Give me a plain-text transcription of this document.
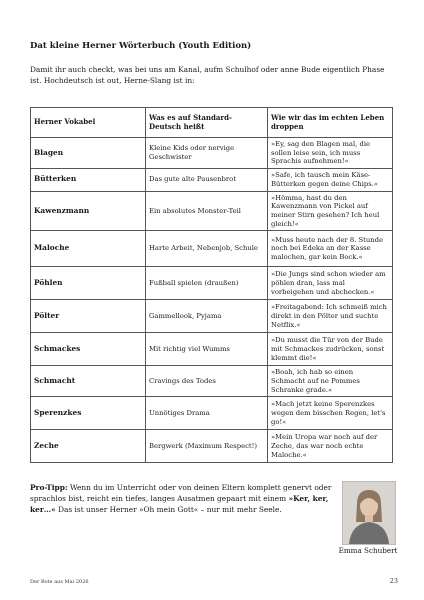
Dat kleine Herner Wörterbuch (Youth Edition)
Damit ihr auch checkt, was bei uns am Kanal, aufm Schulhof oder anne Bude eigentlich Phase ist. Hochdeutsch ist out, Herne-Slang ist in:
Herner Vokabel	Was es auf Standard-Deutsch heißt	Wie wir das im echten Leben droppen
Blagen	Kleine Kids oder nervige Geschwister	»Ey, sag den Blagen mal, die sollen leise sein, ich muss Sprachis aufnehmen!«
Bütterken	Das gute alte Pausenbrot	»Safe, ich tausch mein Käse-Bütterken gegen deine Chips.«
Kawenzmann	Ein absolutes Monster-Teil	»Hömma, hast du den Kawenzmann von Pickel auf meiner Stirn gesehen? Ich heul gleich!«
Maloche	Harte Arbeit, Nebenjob, Schule	»Muss heute nach der 8. Stunde noch bei Edeka an der Kasse malochen, gar kein Bock.«
Pöhlen	Fußball spielen (draußen)	»Die Jungs sind schon wieder am pöhlen dran, lass mal vorbeigehen und abchecken.«
Pölter	Gammellook, Pyjama	»Freitagabend: Ich schmeiß mich direkt in den Pölter und suchte Netflix.«
Schmackes	Mit richtig viel Wumms	»Du musst die Tür von der Bude mit Schmackes zudrücken, sonst klemmt die!«
Schmacht	Cravings des Todes	»Boah, ich hab so einen Schmacht auf ne Pommes Schranke grade.«
Sperenzkes	Unnötiges Drama	»Mach jetzt keine Sperenzkes wegen dem bisschen Regen, let's go!«
Zeche	Bergwerk (Maximum Respect!)	»Mein Uropa war noch auf der Zeche, das war noch echte Maloche.«
Pro-Tipp: Wenn du im Unterricht oder von deinen Eltern komplett genervt oder sprachlos bist, reicht ein tiefes, langes Ausatmen gepaart mit einem »Ker, ker, ker…« Das ist unser Herner »Oh mein Gott« – nur mit mehr Seele.
Emma Schubert
Der Bote aus Mai 2026	23
